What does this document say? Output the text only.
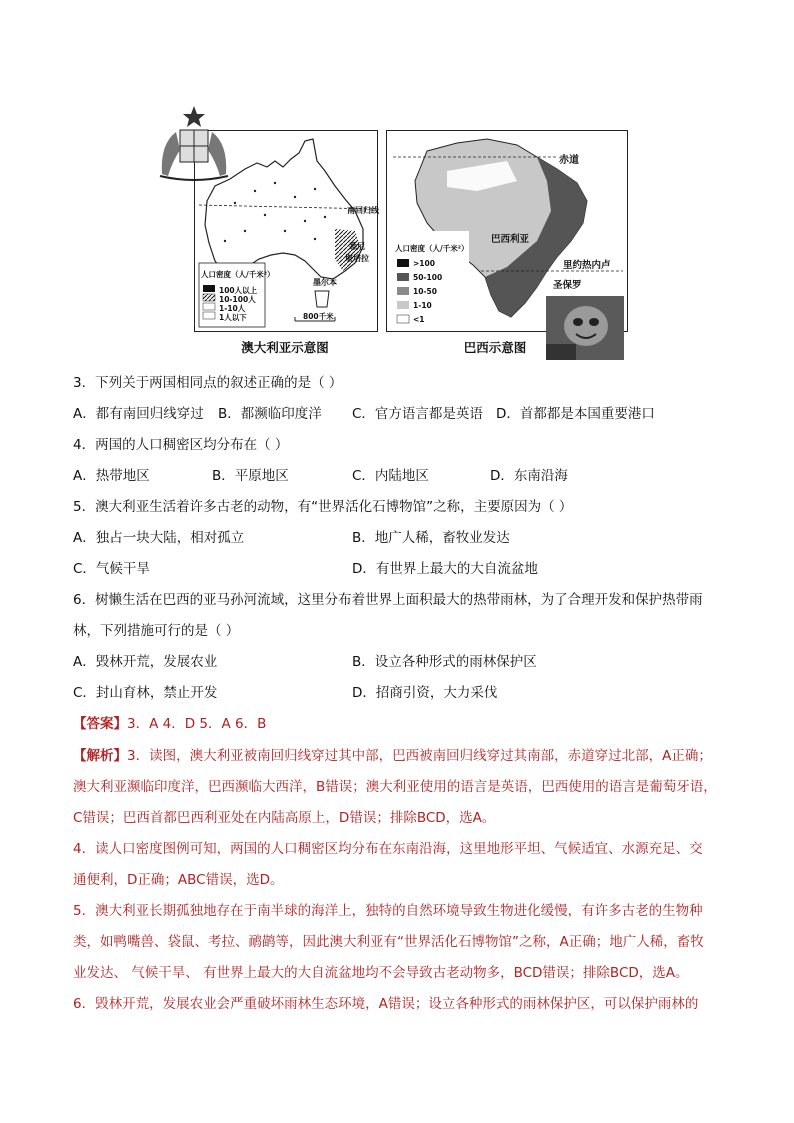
南回归线
悉尼
堪培拉
墨尔本
人口密度（人/千米²）
100人以上
10-100人
1-10人
1人以下	800千米
赤道
巴西利亚
里约热内卢
圣保罗
人口密度（人/千米²）
>100
50-100
10-50
1-10
<1
澳大利亚示意图	巴西示意图
3．下列关于两国相同点的叙述正确的是（ ）
A．都有南回归线穿过 B．都濒临印度洋 C．官方语言都是英语 D．首都都是本国重要港口
4．两国的人口稠密区均分布在（ ）
A．热带地区	B．平原地区	C．内陆地区	D．东南沿海
5．澳大利亚生活着许多古老的动物，有“世界活化石博物馆”之称，主要原因为（ ）
A．独占一块大陆，相对孤立	B．地广人稀，畜牧业发达
C．气候干旱	D．有世界上最大的大自流盆地
6．树懒生活在巴西的亚马孙河流域，这里分布着世界上面积最大的热带雨林，为了合理开发和保护热带雨
林，下列措施可行的是（ ）
A．毁林开荒，发展农业	B．设立各种形式的雨林保护区
C．封山育林，禁止开发	D．招商引资，大力采伐
【答案】3．A 4．D 5．A 6．B
【解析】3．读图，澳大利亚被南回归线穿过其中部，巴西被南回归线穿过其南部，赤道穿过北部，A正确；
澳大利亚濒临印度洋，巴西濒临大西洋，B错误；澳大利亚使用的语言是英语，巴西使用的语言是葡萄牙语，
C错误；巴西首都巴西利亚处在内陆高原上，D错误；排除BCD，选A。
4．读人口密度图例可知，两国的人口稠密区均分布在东南沿海，这里地形平坦、气候适宜、水源充足、交
通便利，D正确；ABC错误，选D。
5．澳大利亚长期孤独地存在于南半球的海洋上，独特的自然环境导致生物进化缓慢，有许多古老的生物种
类，如鸭嘴兽、袋鼠、考拉、鸸鹋等，因此澳大利亚有“世界活化石博物馆”之称，A正确；地广人稀，畜牧
业发达、 气候干旱、 有世界上最大的大自流盆地均不会导致古老动物多，BCD错误；排除BCD，选A。
6．毁林开荒，发展农业会严重破坏雨林生态环境，A错误；设立各种形式的雨林保护区，可以保护雨林的
